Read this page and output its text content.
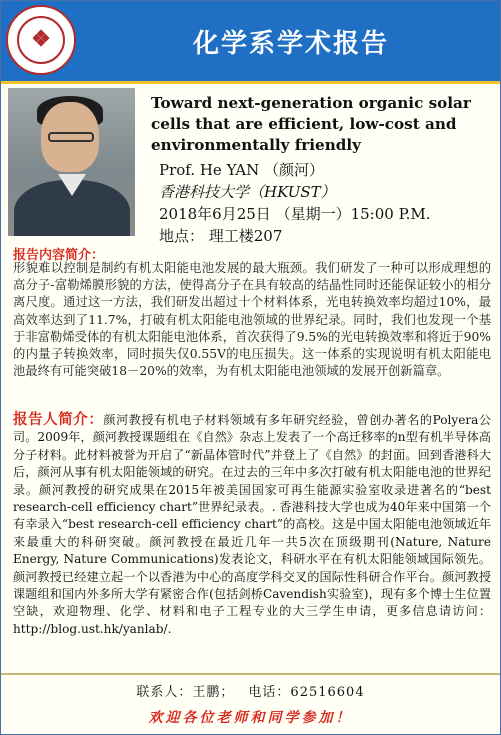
❖	化学系学术报告
Toward next-generation organic solar cells that are efficient, low-cost and environmentally friendly
Prof. He YAN （颜河）
香港科技大学（HKUST）
2018年6月25日 （星期一）15:00 P.M.
地点： 理工楼207
报告内容简介：
形貌难以控制是制约有机太阳能电池发展的最大瓶颈。我们研发了一种可以形成理想的高分子-富勒烯膜形貌的方法，使得高分子在具有较高的结晶性同时还能保证较小的相分离尺度。通过这一方法，我们研发出超过十个材料体系，光电转换效率均超过10%，最高效率达到了11.7%，打破有机太阳能电池领域的世界纪录。同时，我们也发现一个基于非富勒烯受体的有机太阳能电池体系，首次获得了9.5%的光电转换效率和将近于90%的内量子转换效率，同时损失仅0.55V的电压损失。这一体系的实现说明有机太阳能电池最终有可能突破18－20%的效率，为有机太阳能电池领域的发展开创新篇章。
报告人简介：颜河教授有机电子材料领域有多年研究经验，曾创办著名的Polyera公司。2009年，颜河教授课题组在《自然》杂志上发表了一个高迁移率的n型有机半导体高分子材料。此材料被誉为开启了“新晶体管时代”并登上了《自然》的封面。回到香港科大后，颜河从事有机太阳能领域的研究。在过去的三年中多次打破有机太阳能电池的世界纪录。颜河教授的研究成果在2015年被美国国家可再生能源实验室收录进著名的“best research-cell efficiency chart”世界纪录表。. 香港科技大学也成为40年来中国第一个有幸录入“best research-cell efficiency chart”的高校。这是中国太阳能电池领域近年来最重大的科研突破。颜河教授在最近几年一共5次在顶级期刊(Nature, Nature Energy, Nature Communications)发表论文，科研水平在有机太阳能领域国际领先。颜河教授已经建立起一个以香港为中心的高度学科交叉的国际性科研合作平台。颜河教授课题组和国内外多所大学有紧密合作(包括剑桥Cavendish实验室)，现有多个博士生位置空缺，欢迎物理、化学、材料和电子工程专业的大三学生申请，更多信息请访问：http://blog.ust.hk/yanlab/.
联系人：王鹏； 电话：62516604
欢迎各位老师和同学参加！
